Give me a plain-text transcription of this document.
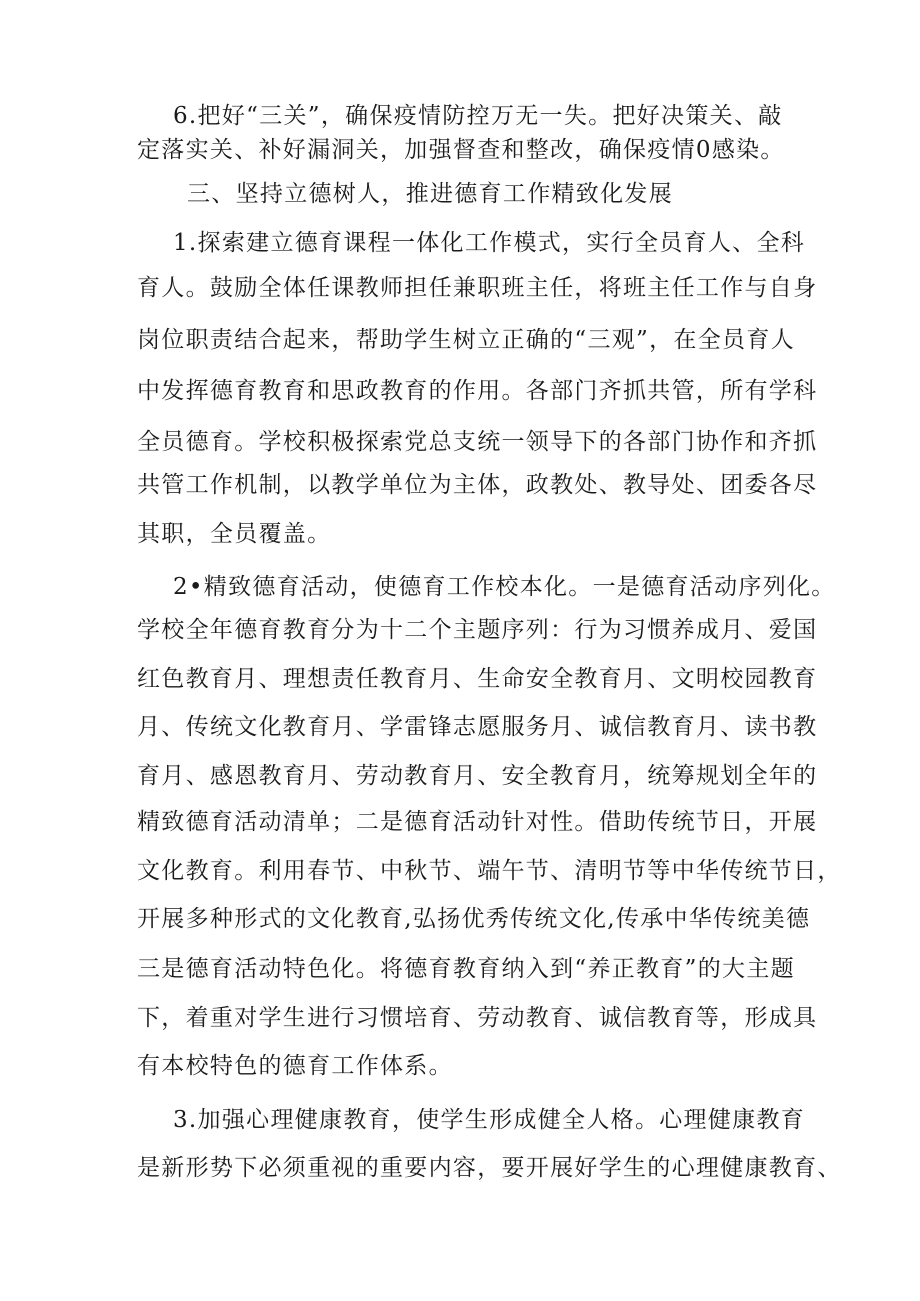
6.把好“三关”，确保疫情防控万无一失。把好决策关、敲
定落实关、补好漏洞关，加强督查和整改，确保疫情0感染。
三、坚持立德树人，推进德育工作精致化发展
1.探索建立德育课程一体化工作模式，实行全员育人、全科
育人。鼓励全体任课教师担任兼职班主任，将班主任工作与自身
岗位职责结合起来，帮助学生树立正确的“三观”，在全员育人
中发挥德育教育和思政教育的作用。各部门齐抓共管，所有学科
全员德育。学校积极探索党总支统一领导下的各部门协作和齐抓
共管工作机制，以教学单位为主体，政教处、教导处、团委各尽
其职，全员覆盖。
2•精致德育活动，使德育工作校本化。一是德育活动序列化。
学校全年德育教育分为十二个主题序列：行为习惯养成月、爱国
红色教育月、理想责任教育月、生命安全教育月、文明校园教育
月、传统文化教育月、学雷锋志愿服务月、诚信教育月、读书教
育月、感恩教育月、劳动教育月、安全教育月，统筹规划全年的
精致德育活动清单；二是德育活动针对性。借助传统节日，开展
文化教育。利用春节、中秋节、端午节、清明节等中华传统节日，
开展多种形式的文化教育,弘扬优秀传统文化,传承中华传统美德
三是德育活动特色化。将德育教育纳入到“养正教育”的大主题
下，着重对学生进行习惯培育、劳动教育、诚信教育等，形成具
有本校特色的德育工作体系。
3.加强心理健康教育，使学生形成健全人格。心理健康教育
是新形势下必须重视的重要内容，要开展好学生的心理健康教育、
